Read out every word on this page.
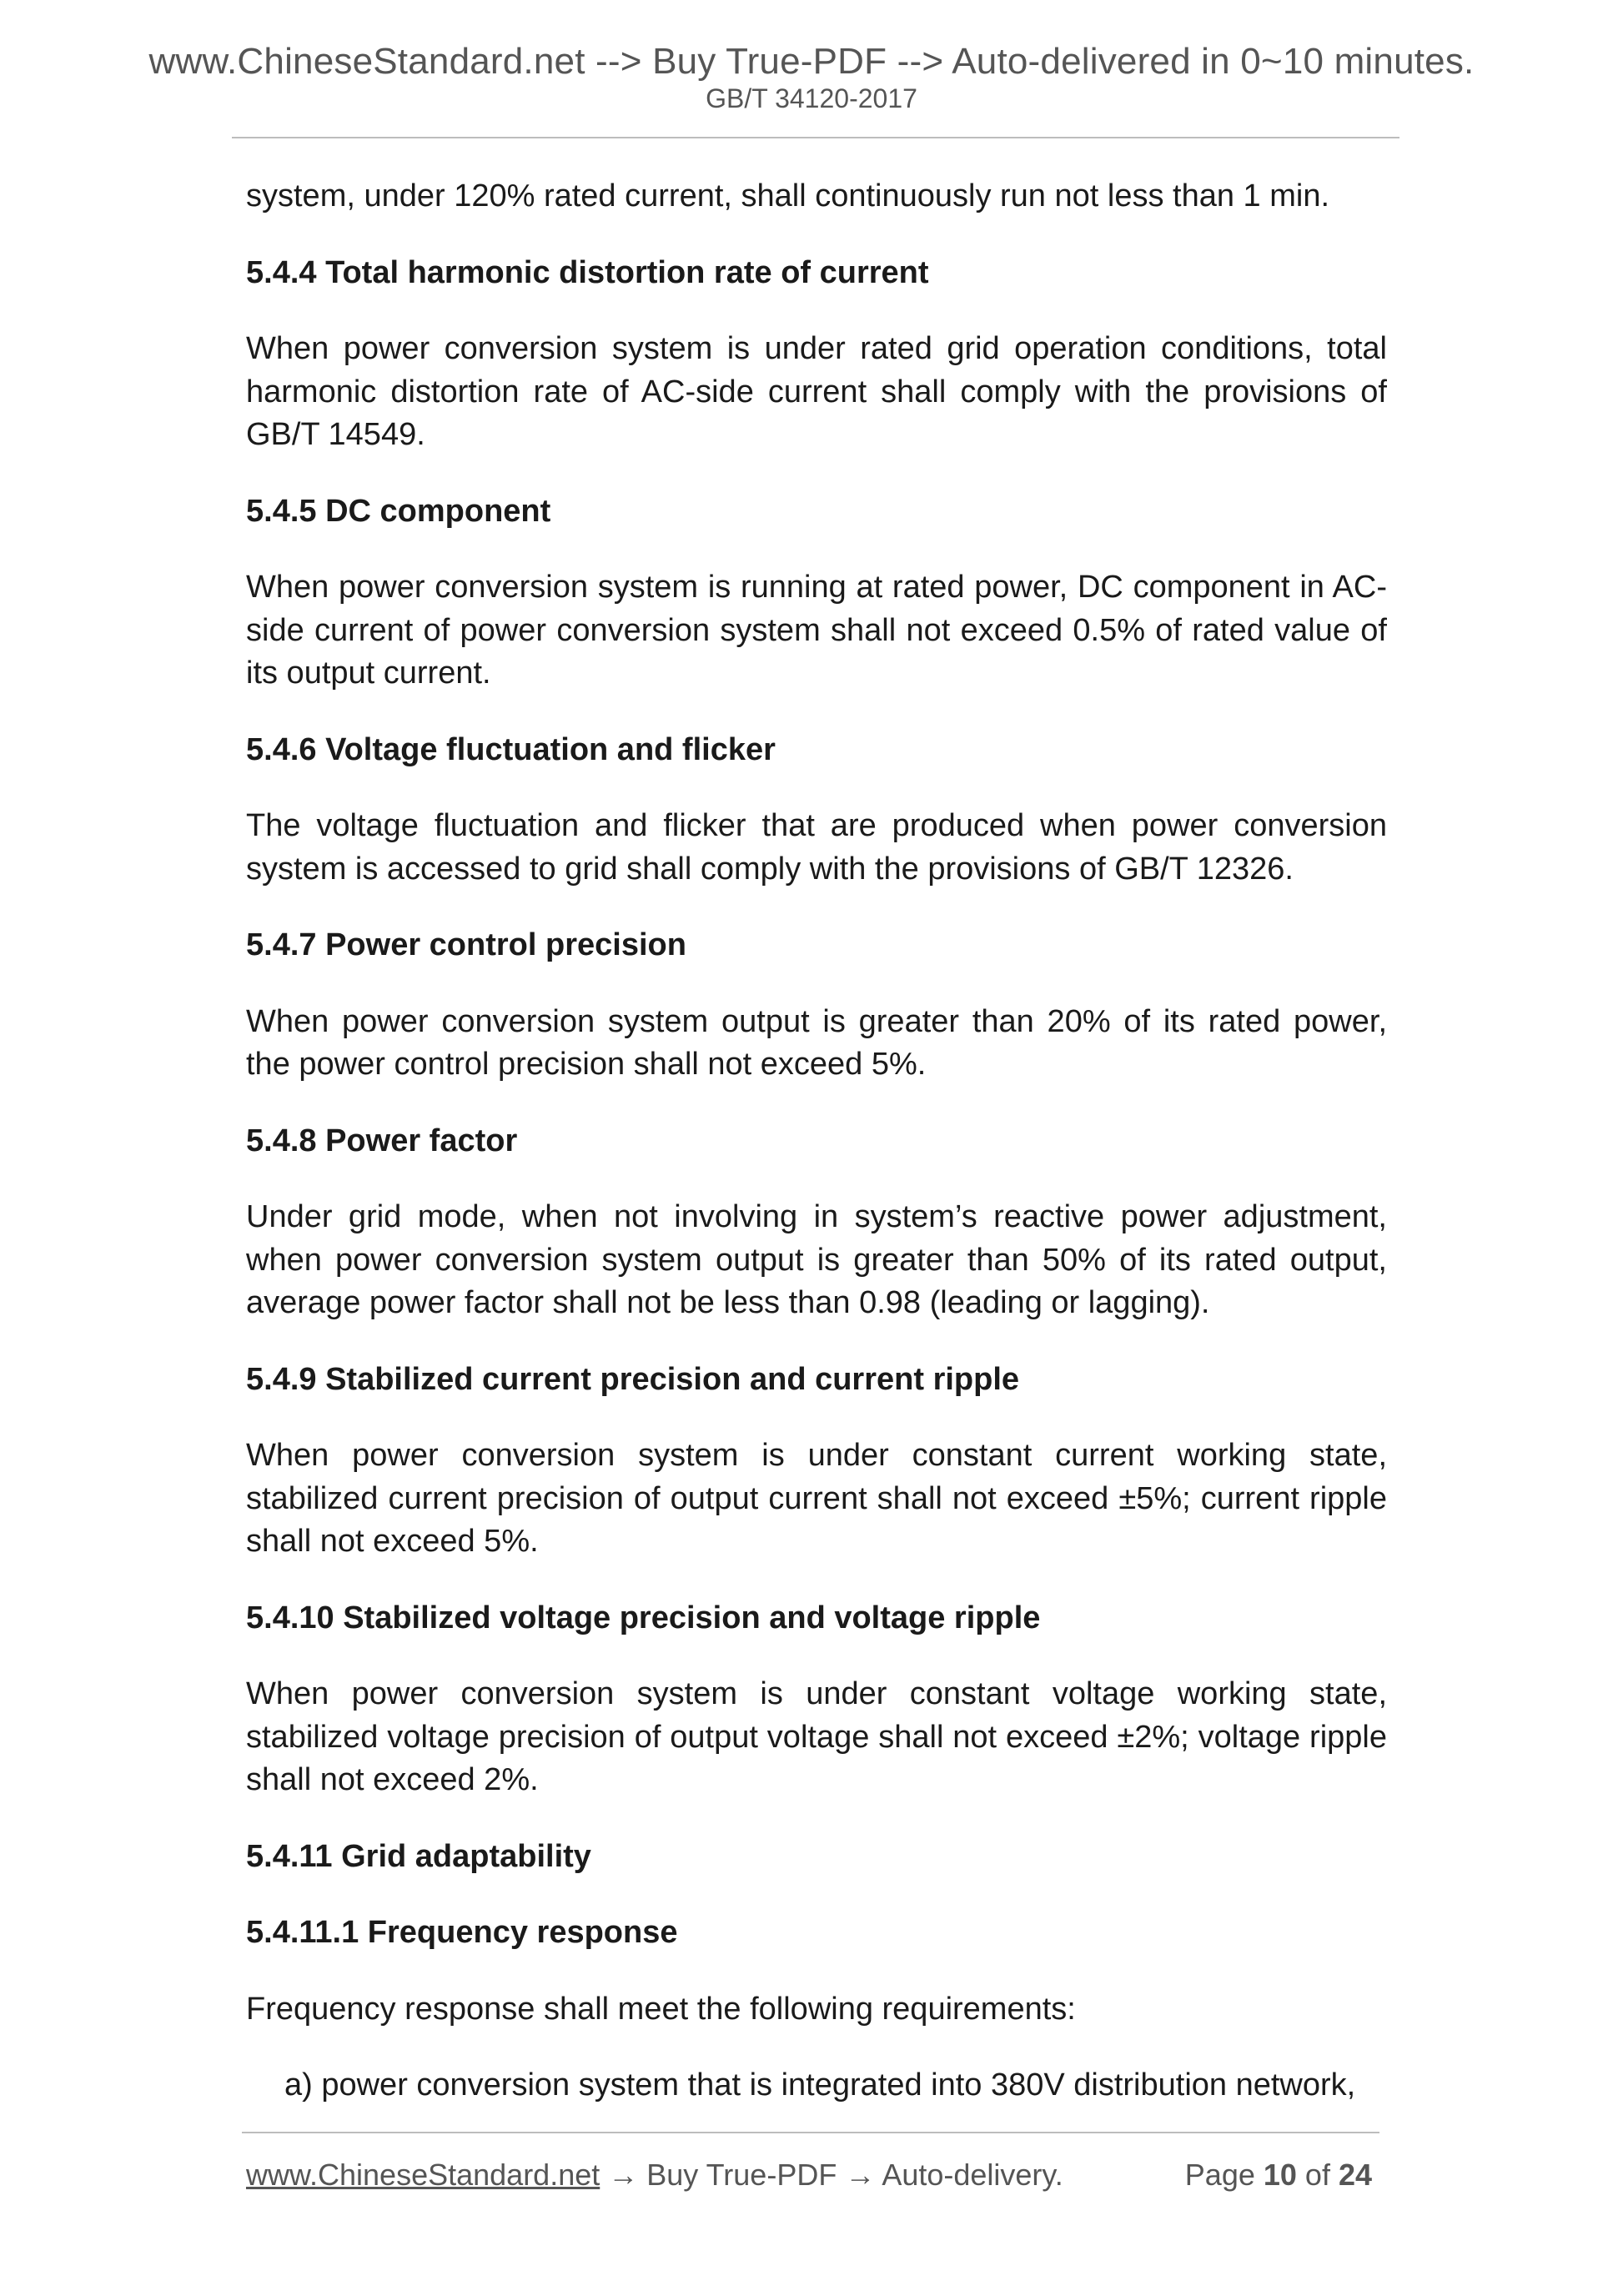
www.ChineseStandard.net --> Buy True-PDF --> Auto-delivered in 0~10 minutes.
GB/T 34120-2017

system, under 120% rated current, shall continuously run not less than 1 min.

5.4.4 Total harmonic distortion rate of current

When power conversion system is under rated grid operation conditions, total harmonic distortion rate of AC-side current shall comply with the provisions of GB/T 14549.

5.4.5 DC component

When power conversion system is running at rated power, DC component in AC-side current of power conversion system shall not exceed 0.5% of rated value of its output current.

5.4.6 Voltage fluctuation and flicker

The voltage fluctuation and flicker that are produced when power conversion system is accessed to grid shall comply with the provisions of GB/T 12326.

5.4.7 Power control precision

When power conversion system output is greater than 20% of its rated power, the power control precision shall not exceed 5%.

5.4.8 Power factor

Under grid mode, when not involving in system’s reactive power adjustment, when power conversion system output is greater than 50% of its rated output, average power factor shall not be less than 0.98 (leading or lagging).

5.4.9 Stabilized current precision and current ripple

When power conversion system is under constant current working state, stabilized current precision of output current shall not exceed ±5%; current ripple shall not exceed 5%.

5.4.10 Stabilized voltage precision and voltage ripple

When power conversion system is under constant voltage working state, stabilized voltage precision of output voltage shall not exceed ±2%; voltage ripple shall not exceed 2%.

5.4.11 Grid adaptability
5.4.11.1 Frequency response

Frequency response shall meet the following requirements:

a) power conversion system that is integrated into 380V distribution network,

www.ChineseStandard.net → Buy True-PDF → Auto-delivery.	Page 10 of 24
